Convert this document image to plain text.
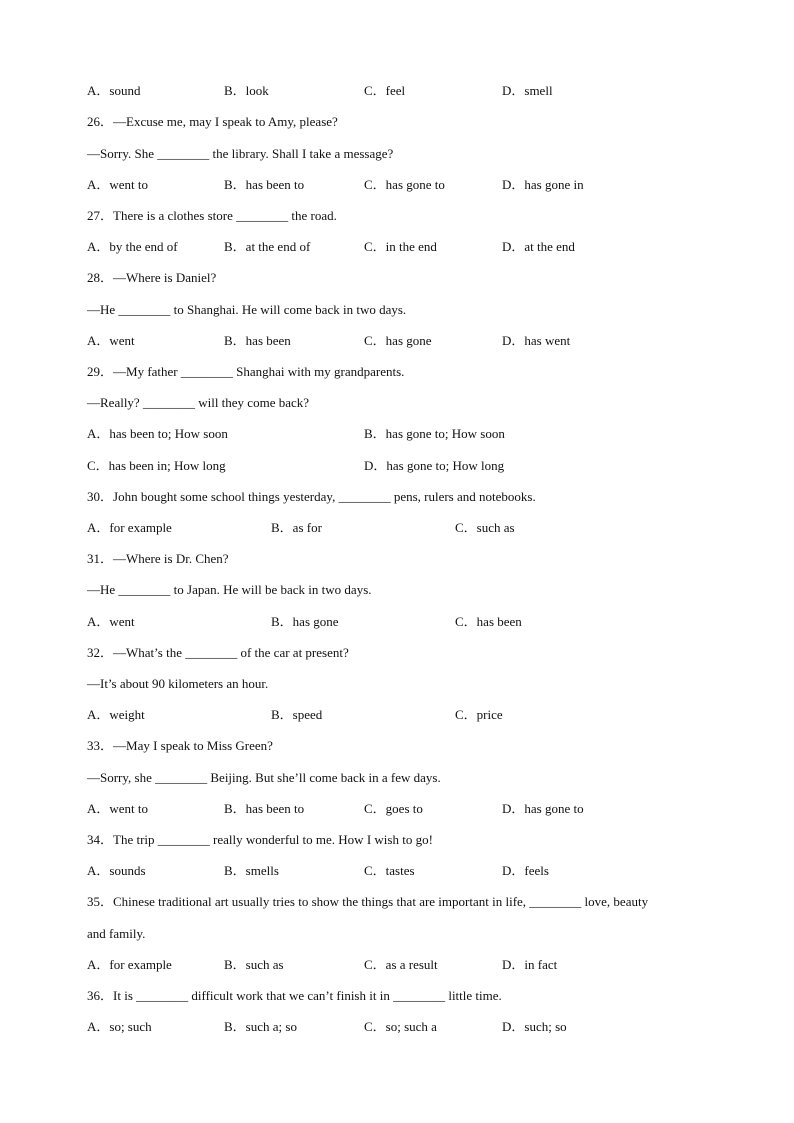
A．sound	B．look	C．feel	D．smell
26．—Excuse me, may I speak to Amy, please?
—Sorry. She ________ the library. Shall I take a message?
A．went to	B．has been to	C．has gone to	D．has gone in
27．There is a clothes store ________ the road.
A．by the end of	B．at the end of	C．in the end	D．at the end
28．—Where is Daniel?
—He ________ to Shanghai. He will come back in two days.
A．went	B．has been	C．has gone	D．has went
29．—My father ________ Shanghai with my grandparents.
—Really? ________ will they come back?
A．has been to; How soon	B．has gone to; How soon
C．has been in; How long	D．has gone to; How long
30．John bought some school things yesterday, ________ pens, rulers and notebooks.
A．for example	B．as for	C．such as
31．—Where is Dr. Chen?
—He ________ to Japan. He will be back in two days.
A．went	B．has gone	C．has been
32．—What’s the ________ of the car at present?
—It’s about 90 kilometers an hour.
A．weight	B．speed	C．price
33．—May I speak to Miss Green?
—Sorry, she ________ Beijing. But she’ll come back in a few days.
A．went to	B．has been to	C．goes to	D．has gone to
34．The trip ________ really wonderful to me. How I wish to go!
A．sounds	B．smells	C．tastes	D．feels
35．Chinese traditional art usually tries to show the things that are important in life, ________ love, beauty
and family.
A．for example	B．such as	C．as a result	D．in fact
36．It is ________ difficult work that we can’t finish it in ________ little time.
A．so; such	B．such a; so	C．so; such a	D．such; so
